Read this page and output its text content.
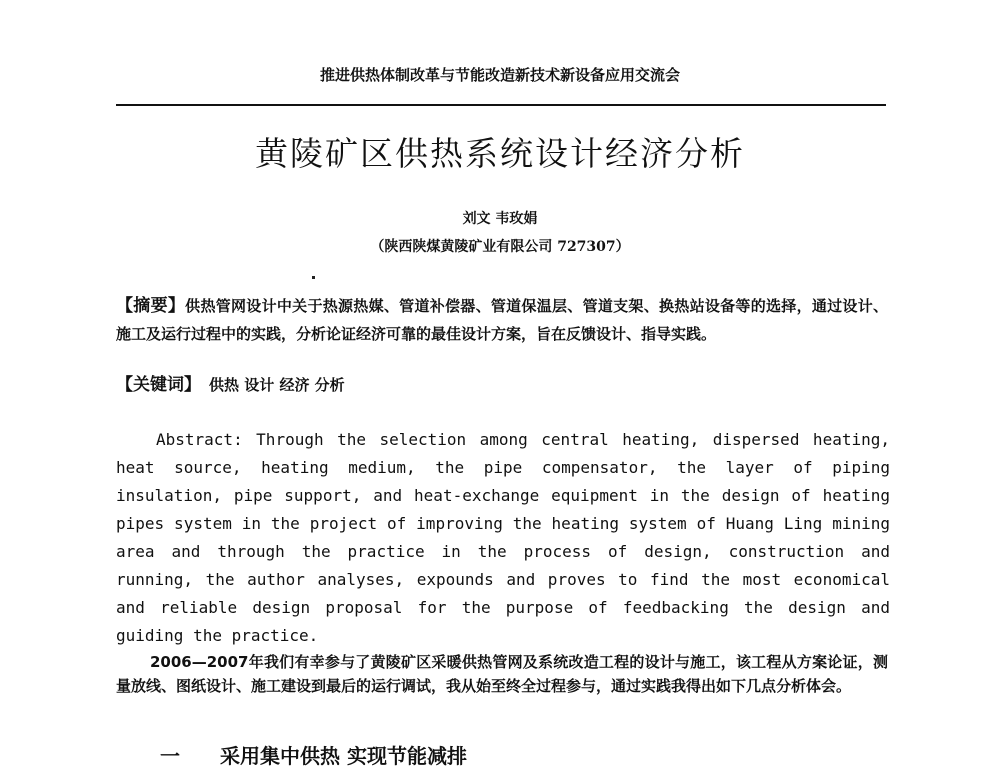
推进供热体制改革与节能改造新技术新设备应用交流会
黄陵矿区供热系统设计经济分析
刘文 韦玫娟
（陕西陕煤黄陵矿业有限公司 727307）
【摘要】供热管网设计中关于热源热媒、管道补偿器、管道保温层、管道支架、换热站设备等的选择，通过设计、施工及运行过程中的实践，分析论证经济可靠的最佳设计方案，旨在反馈设计、指导实践。
【关键词】 供热 设计 经济 分析

Abstract: Through the selection among central heating, dispersed heating, heat source, heating medium, the pipe compensator, the layer of piping insulation, pipe support, and heat-exchange equipment in the design of heating pipes system in the project of improving the heating system of Huang Ling mining area and through the practice in the process of design, construction and running, the author analyses, expounds and proves to find the most economical and reliable design proposal for the purpose of feedbacking the design and guiding the practice.

2006—2007年我们有幸参与了黄陵矿区采暖供热管网及系统改造工程的设计与施工，该工程从方案论证，测量放线、图纸设计、施工建设到最后的运行调试，我从始至终全过程参与，通过实践我得出如下几点分析体会。

一 采用集中供热 实现节能减排
